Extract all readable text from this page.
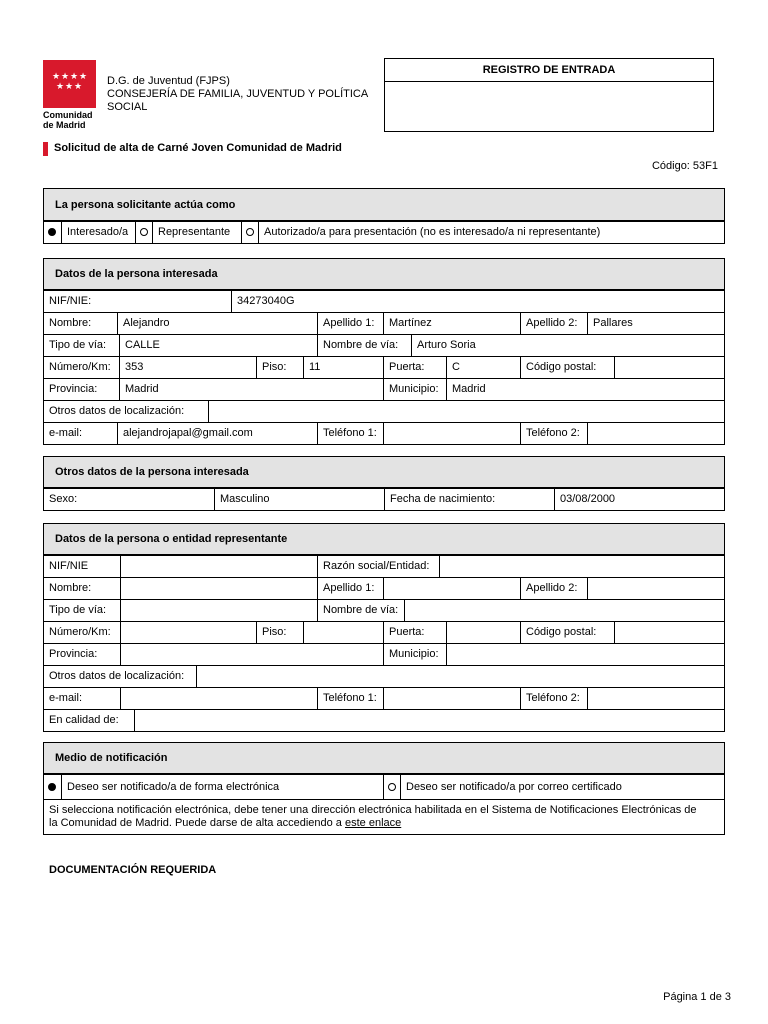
★ ★ ★ ★
★ ★ ★
Comunidad
de Madrid
D.G. de Juventud (FJPS)
CONSEJERÍA DE FAMILIA, JUVENTUD Y POLÍTICA
SOCIAL
REGISTRO DE ENTRADA
Solicitud de alta de Carné Joven Comunidad de Madrid
Código: 53F1
La persona solicitante actúa como
Interesado/a	Representante	Autorizado/a para presentación (no es interesado/a ni representante)
Datos de la persona interesada
NIF/NIE:	34273040G
Nombre:	Alejandro	Apellido 1:	Martínez	Apellido 2:	Pallares
Tipo de vía:	CALLE	Nombre de vía:	Arturo Soria
Número/Km:	353	Piso:	11	Puerta:	C	Código postal:
Provincia:	Madrid	Municipio:	Madrid
Otros datos de localización:
e-mail:	alejandrojapal@gmail.com	Teléfono 1:	Teléfono 2:
Otros datos de la persona interesada
Sexo:	Masculino	Fecha de nacimiento:	03/08/2000
Datos de la persona o entidad representante
NIF/NIE	Razón social/Entidad:
Nombre:	Apellido 1:	Apellido 2:
Tipo de vía:	Nombre de vía:
Número/Km:	353	Piso:	Puerta:	Código postal:
Provincia:	Municipio:
Otros datos de localización:
e-mail:	Teléfono 1:	Teléfono 2:
En calidad de:
Medio de notificación
Deseo ser notificado/a de forma electrónica	Deseo ser notificado/a por correo certificado
Si selecciona notificación electrónica, debe tener una dirección electrónica habilitada en el Sistema de Notificaciones Electrónicas de
la Comunidad de Madrid. Puede darse de alta accediendo a este enlace
DOCUMENTACIÓN REQUERIDA
Página 1 de 3
